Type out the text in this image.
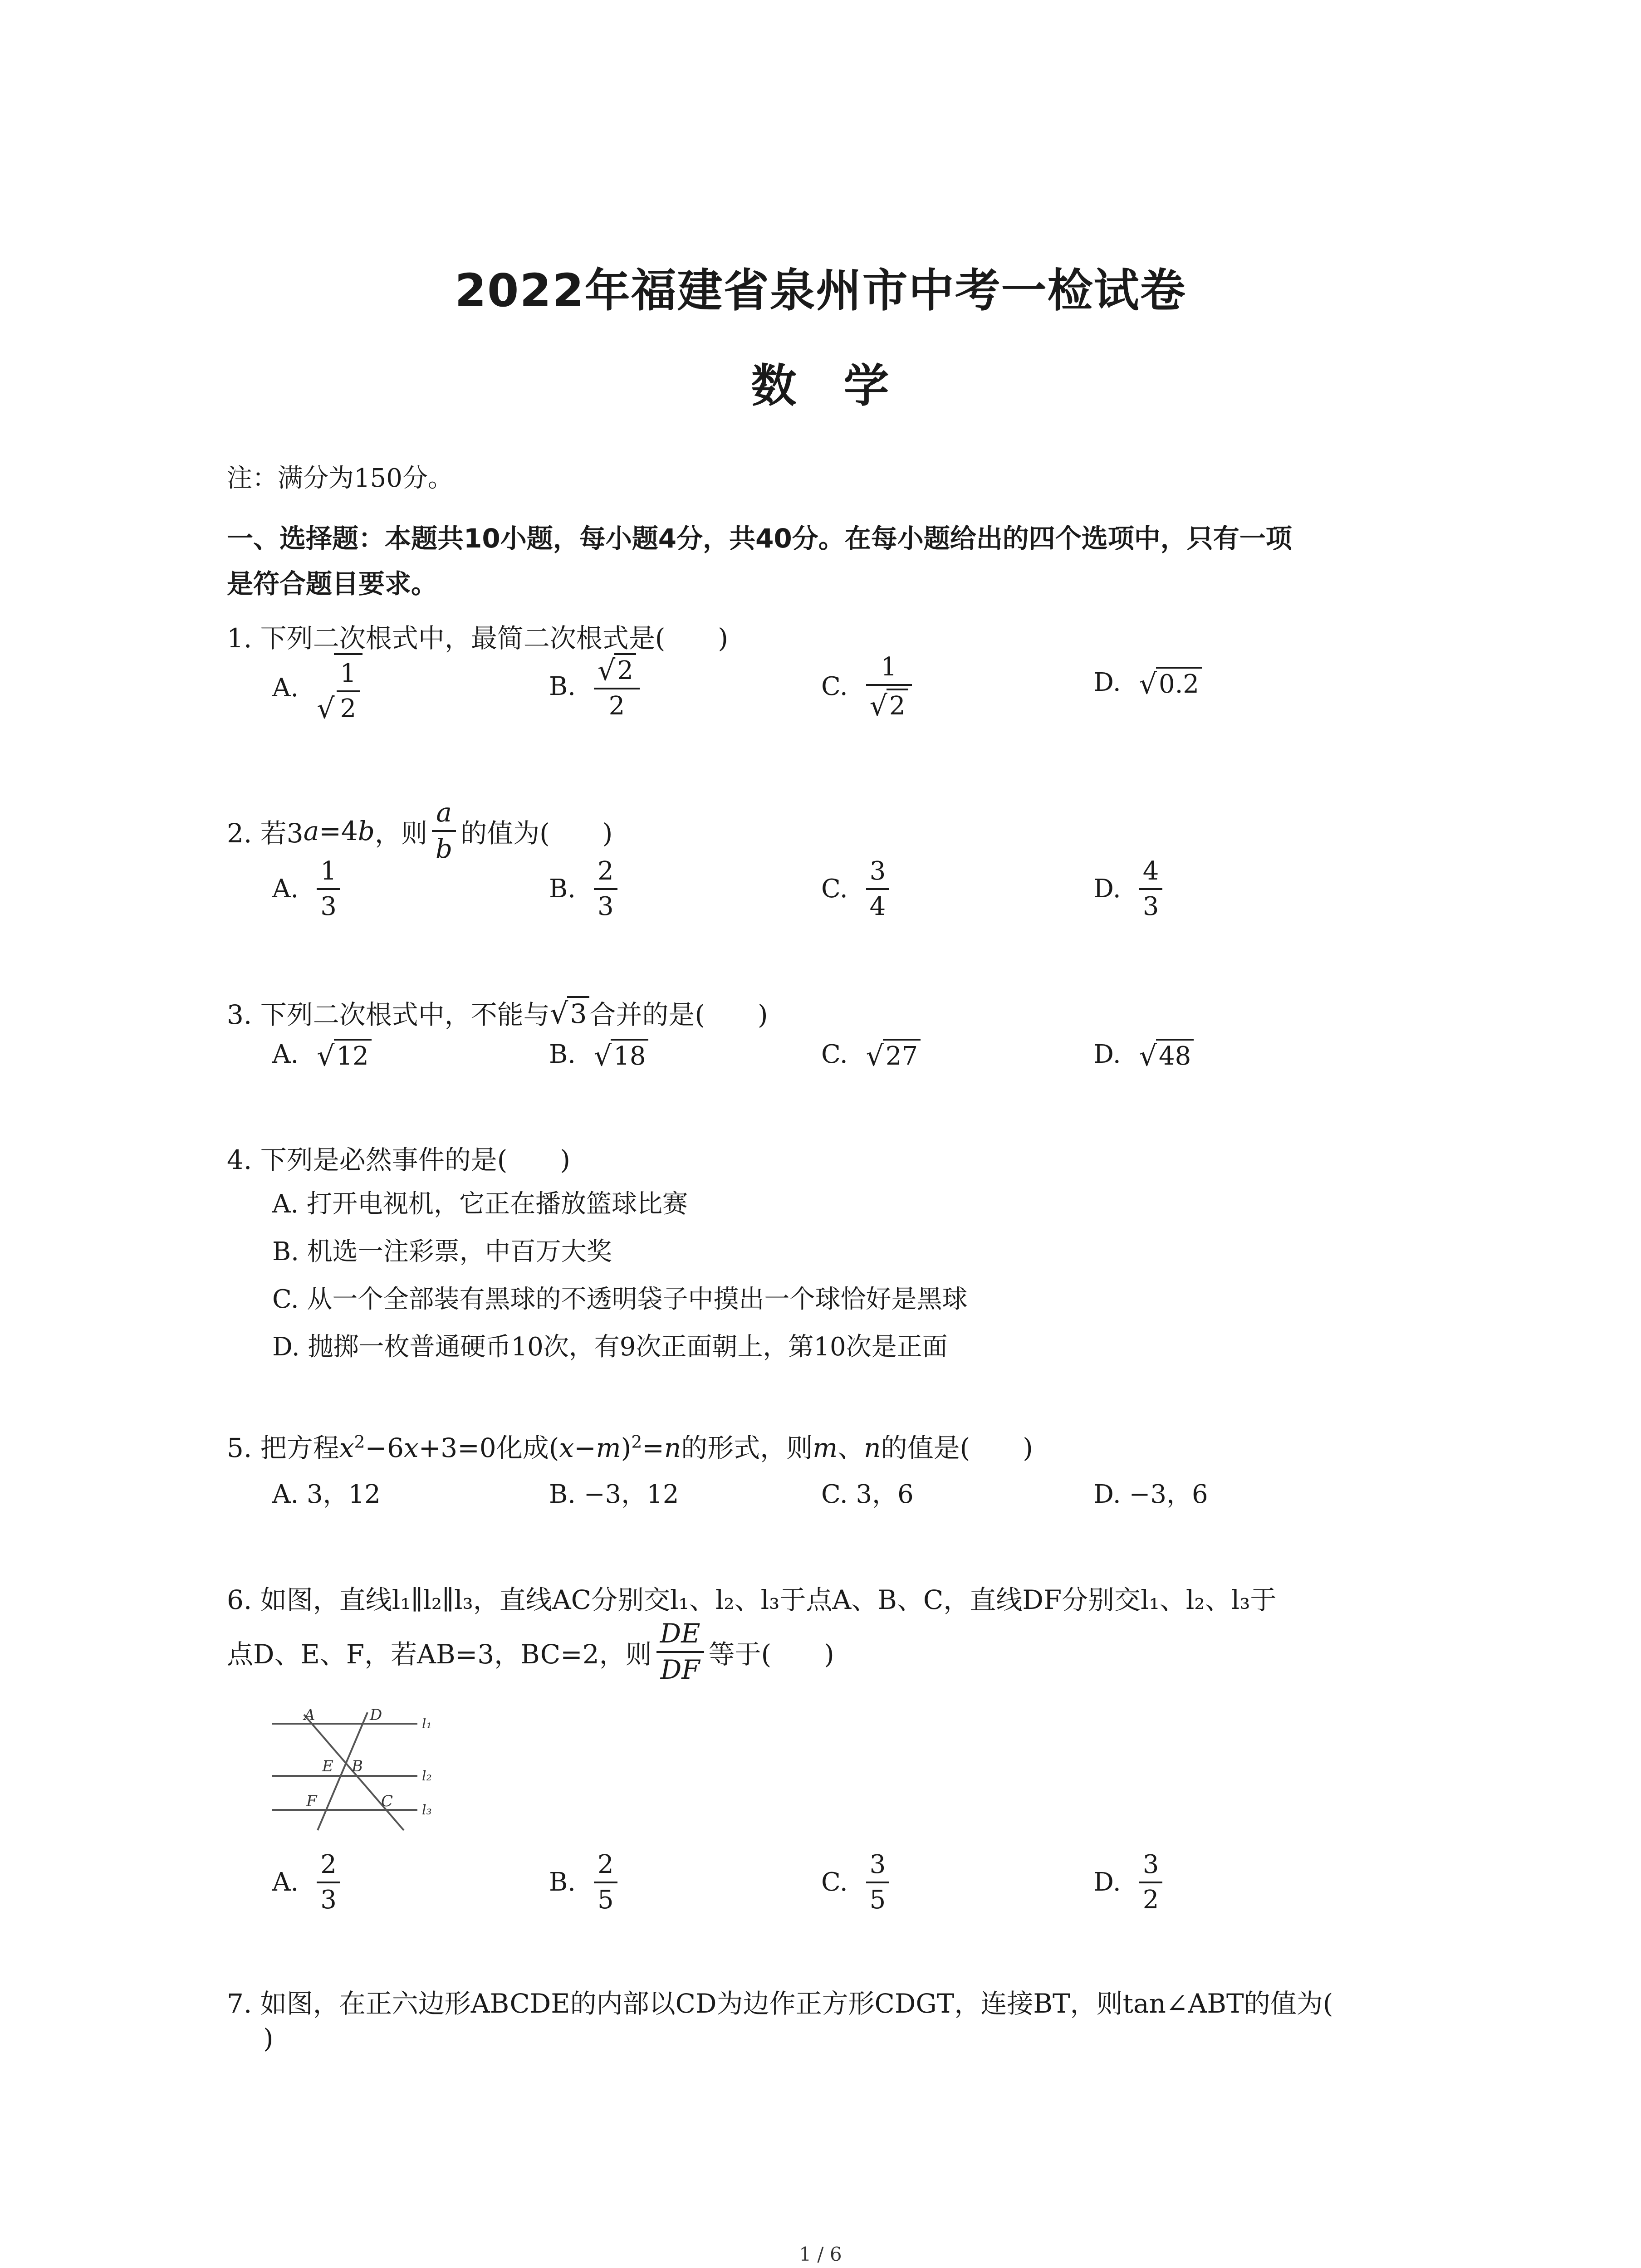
2022年福建省泉州市中考一检试卷
数　学
注：满分为150分。
一、选择题：本题共10小题，每小题4分，共40分。在每小题给出的四个选项中，只有一项
是符合题目要求。
1. 下列二次根式中，最简二次根式是(　　)
A.
√ $\frac{1}{2}$	B. $\frac{√ 2}{2}$	C. $\frac{1}{√ 2}$	D. √ 0.2
2. 若3 a =4 b ，则 $\frac{a}{b}$ 的值为(　　)
A. $\frac{1}{3}$	B. $\frac{2}{3}$	C. $\frac{3}{4}$	D. $\frac{4}{3}$
3. 下列二次根式中，不能与 √ 3 合并的是(　　)
A. √ 12	B. √ 18	C. √ 27	D. √ 48
4. 下列是必然事件的是(　　)
A. 打开电视机，它正在播放篮球比赛
B. 机选一注彩票，中百万大奖
C. 从一个全部装有黑球的不透明袋子中摸出一个球恰好是黑球
D. 抛掷一枚普通硬币10次，有9次正面朝上，第10次是正面
5. 把方程$x^2-6x+3=0$化成$(x-m)^2=n$的形式，则m、n的值是(　　)
A. 3，12	B. −3，12	C. 3，6	D. −3，6
6. 如图，直线l₁∥l₂∥l₃，直线AC分别交l₁、l₂、l₃于点A、B、C，直线DF分别交l₁、l₂、l₃于
点D、E、F，若AB=3，BC=2，则 $\frac{DE}{DF}$ 等于(　　)
A	D
E B
F	C
l₁
l₂
l₃
A. $\frac{2}{3}$	B. $\frac{2}{5}$	C. $\frac{3}{5}$	D. $\frac{3}{2}$
7. 如图，在正六边形ABCDE的内部以CD为边作正方形CDGT，连接BT，则tan∠ABT的值为(
)
1 / 6
